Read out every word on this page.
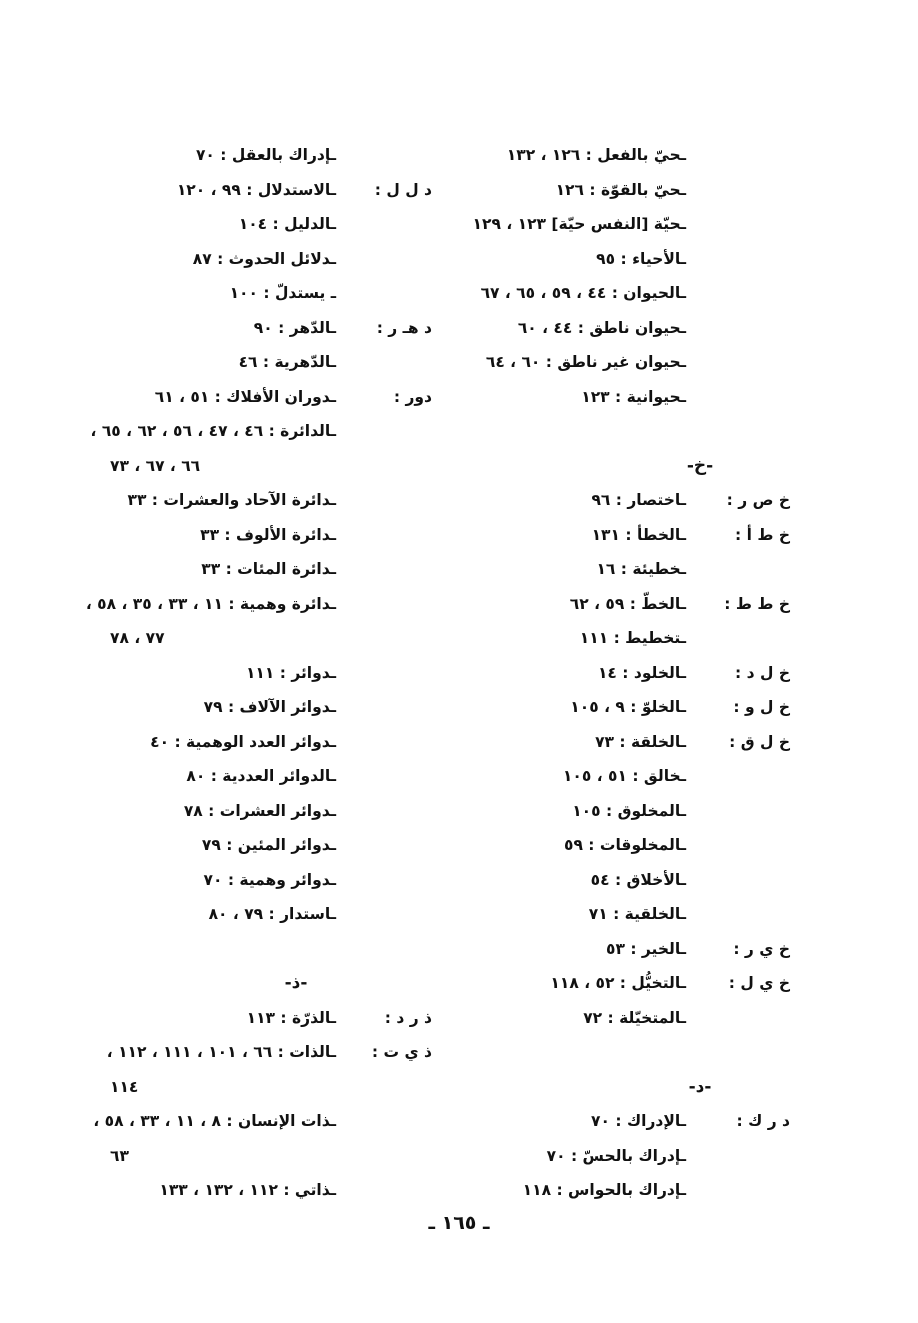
ـحيّ بالفعل : ١٢٦ ، ١٣٢
ـحيّ بالقوّة : ١٢٦
ـحيّة [النفس حيّة] ١٢٣ ، ١٢٩
ـالأحياء : ٩٥
ـالحيوان : ٤٤ ، ٥٩ ، ٦٥ ، ٦٧
ـحيوان ناطق : ٤٤ ، ٦٠
ـحيوان غير ناطق : ٦٠ ، ٦٤
ـحيوانية : ١٢٣
-خ-
خ ص ر :
ـاختصار : ٩٦
خ ط أ :
ـالخطأ : ١٣١
ـخطيئة : ١٦
خ ط ط :
ـالخطّ : ٥٩ ، ٦٢
ـتخطيط : ١١١
خ ل د :
ـالخلود : ١٤
خ ل و :
ـالخلوّ : ٩ ، ١٠٥
خ ل ق :
ـالخلقة : ٧٣
ـخالق : ٥١ ، ١٠٥
ـالمخلوق : ١٠٥
ـالمخلوقات : ٥٩
ـالأخلاق : ٥٤
ـالخلقية : ٧١
خ ي ر :
ـالخير : ٥٣
خ ي ل :
ـالتخيُّل : ٥٢ ، ١١٨
ـالمتخيّلة : ٧٢
-د-
د ر ك :
ـالإدراك : ٧٠
ـإدراك بالحسّ : ٧٠
ـإدراك بالحواس : ١١٨
ـإدراك بالعقل : ٧٠
د ل ل :
ـالاستدلال : ٩٩ ، ١٢٠
ـالدليل : ١٠٤
ـدلائل الحدوث : ٨٧
ـ يستدلّ : ١٠٠
د هـ ر :
ـالدّهر : ٩٠
ـالدّهرية : ٤٦
دور :
ـدوران الأفلاك : ٥١ ، ٦١
ـالدائرة : ٤٦ ، ٤٧ ، ٥٦ ، ٦٢ ، ٦٥ ،
٦٦ ، ٦٧ ، ٧٣
ـدائرة الآحاد والعشرات : ٣٣
ـدائرة الألوف : ٣٣
ـدائرة المئات : ٣٣
ـدائرة وهمية : ١١ ، ٣٣ ، ٣٥ ، ٥٨ ،
٧٧ ، ٧٨
ـدوائر : ١١١
ـدوائر الآلاف : ٧٩
ـدوائر العدد الوهمية : ٤٠
ـالدوائر العددية : ٨٠
ـدوائر العشرات : ٧٨
ـدوائر المئين : ٧٩
ـدوائر وهمية : ٧٠
ـاستدار : ٧٩ ، ٨٠
-ذ-
ذ ر د :
ـالذرّة : ١١٣
ذ ي ت :
ـالذات : ٦٦ ، ١٠١ ، ١١١ ، ١١٢ ،
١١٤
ـذات الإنسان : ٨ ، ١١ ، ٣٣ ، ٥٨ ،
٦٣
ـذاتي : ١١٢ ، ١٣٢ ، ١٣٣
ـ ١٦٥ ـ
